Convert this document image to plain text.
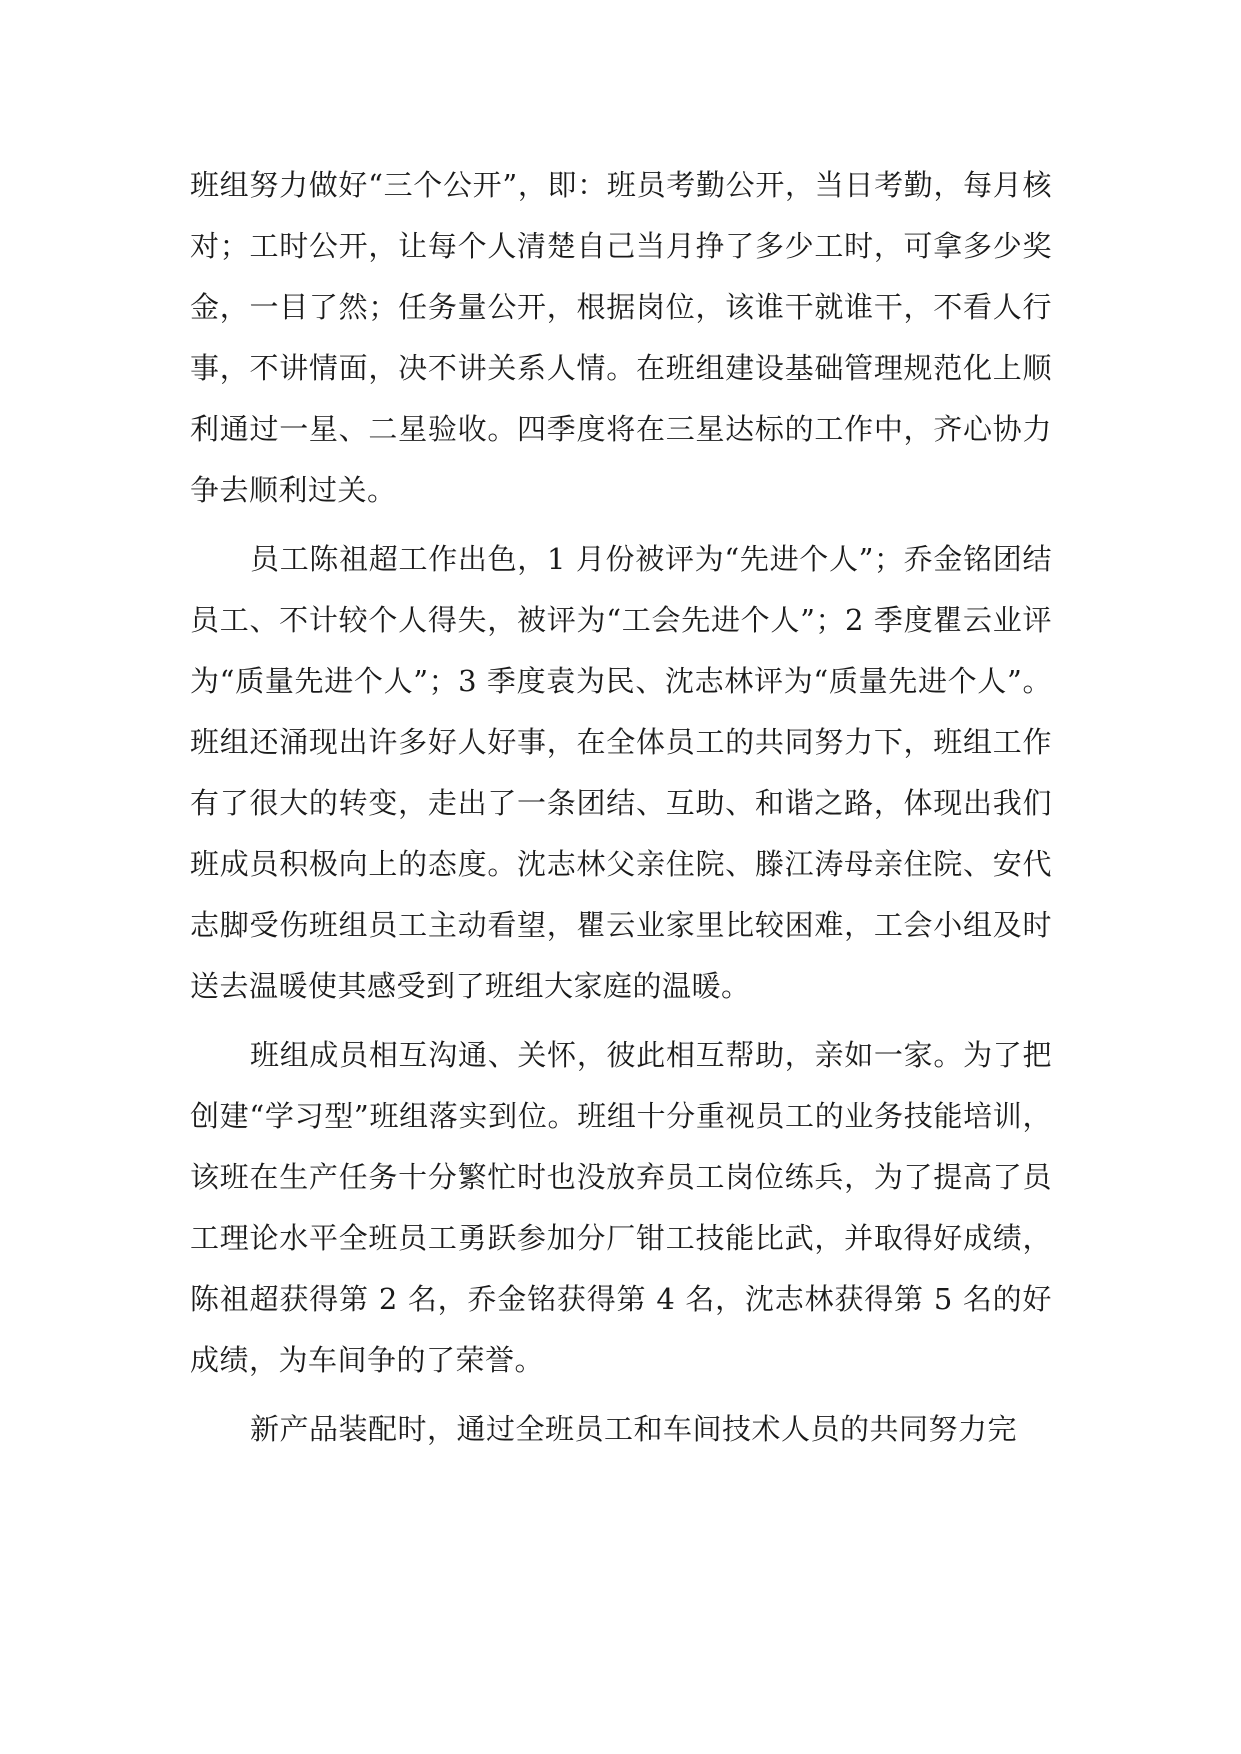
班组努力做好“三个公开”，即：班员考勤公开，当日考勤，每月核对；工时公开，让每个人清楚自己当月挣了多少工时，可拿多少奖金，一目了然；任务量公开，根据岗位，该谁干就谁干，不看人行事，不讲情面，决不讲关系人情。在班组建设基础管理规范化上顺利通过一星、二星验收。四季度将在三星达标的工作中，齐心协力争去顺利过关。

员工陈祖超工作出色，1 月份被评为“先进个人”；乔金铭团结员工、不计较个人得失，被评为“工会先进个人”；2 季度瞿云业评为“质量先进个人”；3 季度袁为民、沈志林评为“质量先进个人”。班组还涌现出许多好人好事，在全体员工的共同努力下，班组工作有了很大的转变，走出了一条团结、互助、和谐之路，体现出我们班成员积极向上的态度。沈志林父亲住院、滕江涛母亲住院、安代志脚受伤班组员工主动看望，瞿云业家里比较困难，工会小组及时送去温暖使其感受到了班组大家庭的温暖。

班组成员相互沟通、关怀，彼此相互帮助，亲如一家。为了把创建“学习型”班组落实到位。班组十分重视员工的业务技能培训，该班在生产任务十分繁忙时也没放弃员工岗位练兵，为了提高了员工理论水平全班员工勇跃参加分厂钳工技能比武，并取得好成绩，陈祖超获得第 2 名，乔金铭获得第 4 名，沈志林获得第 5 名的好成绩，为车间争的了荣誉。

新产品装配时，通过全班员工和车间技术人员的共同努力完
